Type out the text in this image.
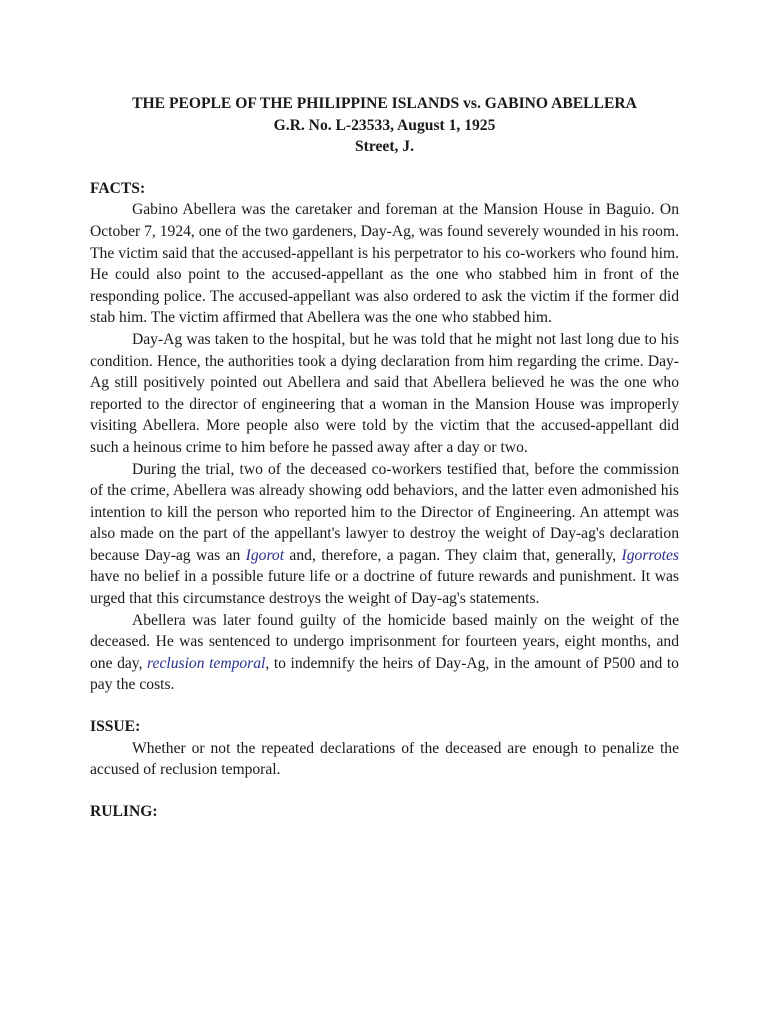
THE PEOPLE OF THE PHILIPPINE ISLANDS vs. GABINO ABELLERA
G.R. No. L-23533, August 1, 1925
Street, J.
FACTS:

Gabino Abellera was the caretaker and foreman at the Mansion House in Baguio. On October 7, 1924, one of the two gardeners, Day-Ag, was found severely wounded in his room. The victim said that the accused-appellant is his perpetrator to his co-workers who found him. He could also point to the accused-appellant as the one who stabbed him in front of the responding police. The accused-appellant was also ordered to ask the victim if the former did stab him. The victim affirmed that Abellera was the one who stabbed him.

Day-Ag was taken to the hospital, but he was told that he might not last long due to his condition. Hence, the authorities took a dying declaration from him regarding the crime. Day-Ag still positively pointed out Abellera and said that Abellera believed he was the one who reported to the director of engineering that a woman in the Mansion House was improperly visiting Abellera. More people also were told by the victim that the accused-appellant did such a heinous crime to him before he passed away after a day or two.

During the trial, two of the deceased co-workers testified that, before the commission of the crime, Abellera was already showing odd behaviors, and the latter even admonished his intention to kill the person who reported him to the Director of Engineering. An attempt was also made on the part of the appellant's lawyer to destroy the weight of Day-ag's declaration because Day-ag was an Igorot and, therefore, a pagan. They claim that, generally, Igorrotes have no belief in a possible future life or a doctrine of future rewards and punishment. It was urged that this circumstance destroys the weight of Day-ag's statements.

Abellera was later found guilty of the homicide based mainly on the weight of the deceased. He was sentenced to undergo imprisonment for fourteen years, eight months, and one day, reclusion temporal, to indemnify the heirs of Day-Ag, in the amount of P500 and to pay the costs.

ISSUE:

Whether or not the repeated declarations of the deceased are enough to penalize the accused of reclusion temporal.

RULING:
